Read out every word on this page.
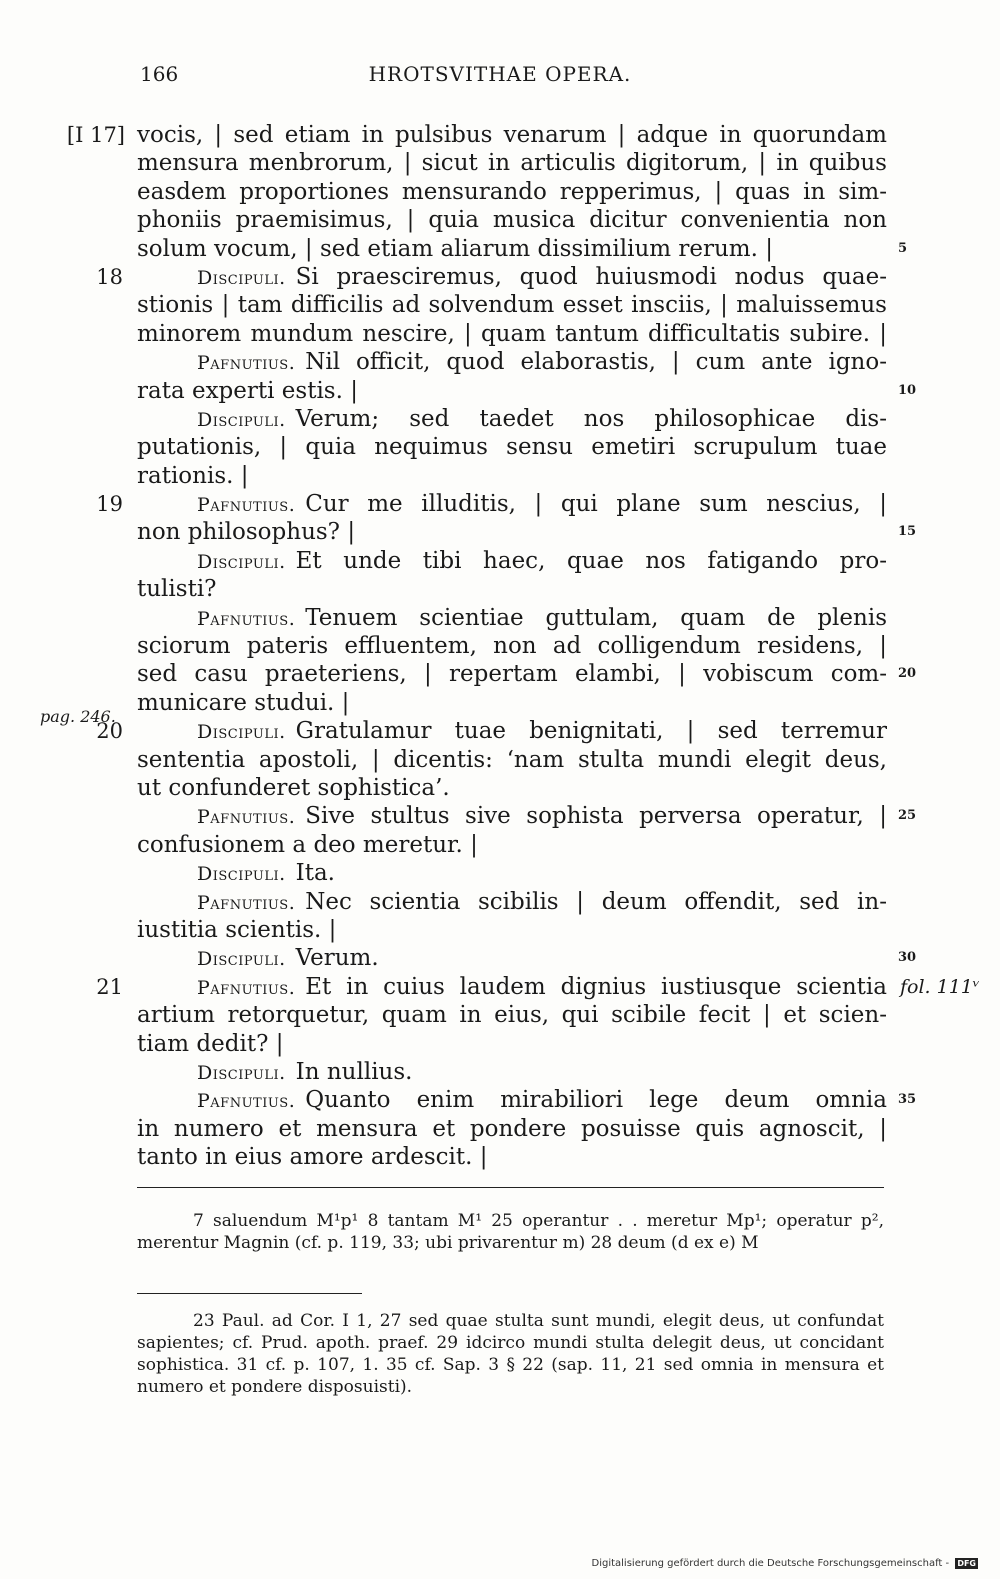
166	HROTSVITHAE OPERA.
[I 17] vocis, | sed etiam in pulsibus venarum | adque in quorundam
mensura menbrorum, | sicut in articulis digitorum, | in quibus
easdem proportiones mensurando repperimus, | quas in sim-
phoniis praemisimus, | quia musica dicitur convenientia non
solum vocum, | sed etiam aliarum dissimilium rerum. |	5
18	Discipuli. Si praesciremus, quod huiusmodi nodus quae-
stionis | tam difficilis ad solvendum esset insciis, | maluissemus
minorem mundum nescire, | quam tantum difficultatis subire. |
Pafnutius. Nil officit, quod elaborastis, | cum ante igno-
rata experti estis. |	10
Discipuli. Verum; sed taedet nos philosophicae dis-
putationis, | quia nequimus sensu emetiri scrupulum tuae
rationis. |
19	Pafnutius. Cur me illuditis, | qui plane sum nescius, |
non philosophus? |	15
Discipuli. Et unde tibi haec, quae nos fatigando pro-
tulisti?
Pafnutius. Tenuem scientiae guttulam, quam de plenis
sciorum pateris effluentem, non ad colligendum residens, |
sed casu praeteriens, | repertam elambi, | vobiscum com- 20
municare studui. |
20
pag. 246.
Discipuli. Gratulamur tuae benignitati, | sed terremur
sententia apostoli, | dicentis: ‘nam stulta mundi elegit deus,
ut confunderet sophistica’.
Pafnutius. Sive stultus sive sophista perversa operatur, | 25
confusionem a deo meretur. |
Discipuli. Ita.
Pafnutius. Nec scientia scibilis | deum offendit, sed in-
iustitia scientis. |
Discipuli. Verum.	30
21	Pafnutius. Et in cuius laudem dignius iustiusque scientia fol. 111ᵛ
artium retorquetur, quam in eius, qui scibile fecit | et scien-
tiam dedit? |
Discipuli. In nullius.
Pafnutius. Quanto enim mirabiliori lege deum omnia 35
in numero et mensura et pondere posuisse quis agnoscit, |
tanto in eius amore ardescit. |

7 saluendum M¹p¹ 8 tantam M¹ 25 operantur . . meretur Mp¹; operatur p², merentur Magnin (cf. p. 119, 33; ubi privarentur m) 28 deum (d ex e) M

23 Paul. ad Cor. I 1, 27 sed quae stulta sunt mundi, elegit deus, ut confundat sapientes; cf. Prud. apoth. praef. 29 idcirco mundi stulta delegit deus, ut concidant sophistica. 31 cf. p. 107, 1. 35 cf. Sap. 3 § 22 (sap. 11, 21 sed omnia in mensura et numero et pondere disposuisti).

Digitalisierung gefördert durch die Deutsche Forschungsgemeinschaft - DFG
